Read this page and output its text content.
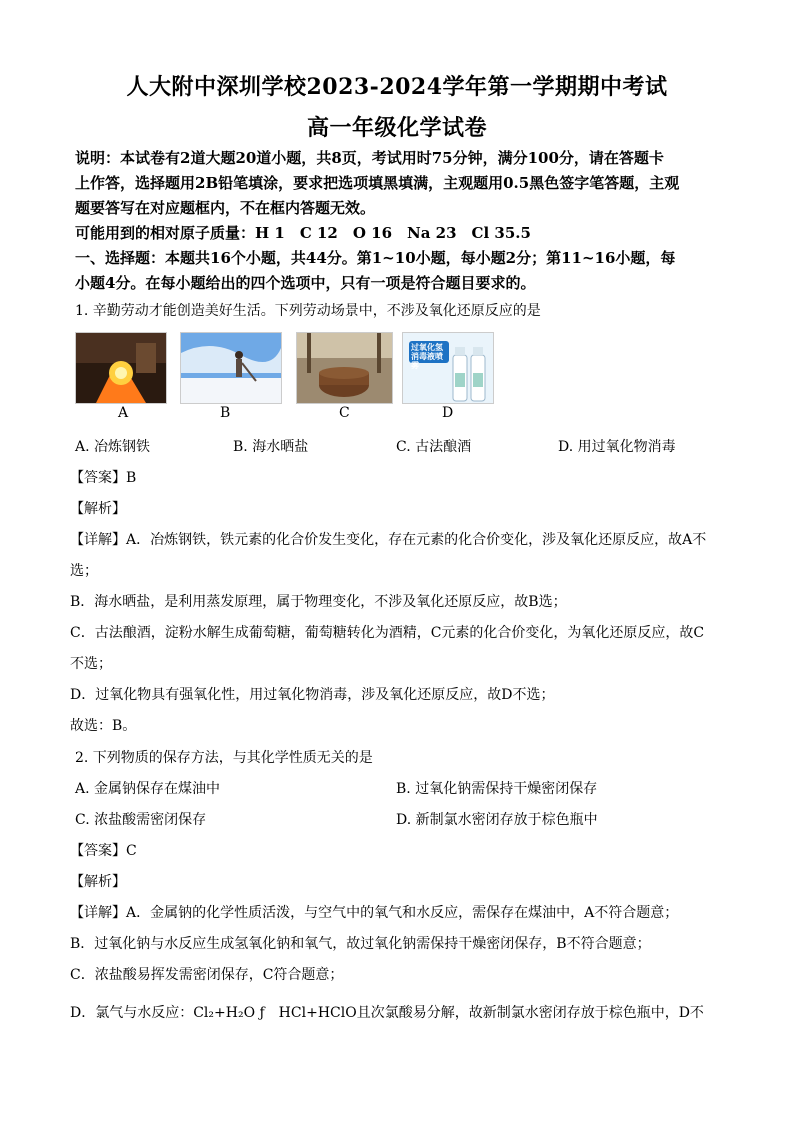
人大附中深圳学校2023-2024学年第一学期期中考试
高一年级化学试卷
说明：本试卷有2道大题20道小题，共8页，考试用时75分钟，满分100分，请在答题卡
上作答，选择题用2B铅笔填涂，要求把选项填黑填满，主观题用0.5黑色签字笔答题，主观
题要答写在对应题框内，不在框内答题无效。
可能用到的相对原子质量：H 1　C 12　O 16　Na 23　Cl 35.5
一、选择题：本题共16个小题，共44分。第1~10小题，每小题2分；第11~16小题，每
小题4分。在每小题给出的四个选项中，只有一项是符合题目要求的。
1. 辛勤劳动才能创造美好生活。下列劳动场景中，不涉及氧化还原反应的是
过氧化氢消毒液喷雾
A	B	C	D
A. 冶炼钢铁	B. 海水晒盐	C. 古法酿酒	D. 用过氧化物消毒
【答案】B
【解析】
【详解】A．冶炼钢铁，铁元素的化合价发生变化，存在元素的化合价变化，涉及氧化还原反应，故A不
选；
B．海水晒盐，是利用蒸发原理，属于物理变化，不涉及氧化还原反应，故B选；
C．古法酿酒，淀粉水解生成葡萄糖，葡萄糖转化为酒精，C元素的化合价变化，为氧化还原反应，故C
不选；
D．过氧化物具有强氧化性，用过氧化物消毒，涉及氧化还原反应，故D不选；
故选：B。
2. 下列物质的保存方法，与其化学性质无关的是
A. 金属钠保存在煤油中	B. 过氧化钠需保持干燥密闭保存
C. 浓盐酸需密闭保存	D. 新制氯水密闭存放于棕色瓶中
【答案】C
【解析】
【详解】A．金属钠的化学性质活泼，与空气中的氧气和水反应，需保存在煤油中，A不符合题意；
B．过氧化钠与水反应生成氢氧化钠和氧气，故过氧化钠需保持干燥密闭保存，B不符合题意；
C．浓盐酸易挥发需密闭保存，C符合题意；
D．氯气与水反应：Cl₂+H₂O ƒ　HCl+HClO且次氯酸易分解，故新制氯水密闭存放于棕色瓶中，D不
